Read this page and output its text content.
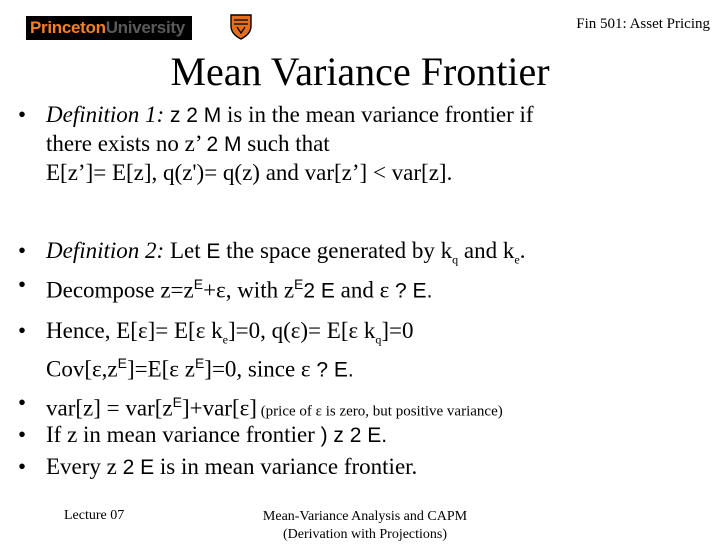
Princeton University	Fin 501: Asset Pricing
Mean Variance Frontier
• Definition 1: z 2 M is in the mean variance frontier if
there exists no z’ 2 M such that
E[z’]= E[z], q(z')= q(z) and var[z’] < var[z].
• Definition 2: Let E the space generated by $k_q$ and $k_e$.
• Decompose $z=z^E+\varepsilon$, with $z^E2$ E and ε ? E.
• Hence, E[ε]= E[ε $k_e]=0$, q(ε)= E[ε $k_q]=0$
$Cov[\varepsilon,z^E]=E[\varepsilon$ $z^E]=0$, since ε ? E.
• $var[z] = var[z^E]+var[\varepsilon]$ (price of ε is zero, but positive variance)
• If z in mean variance frontier ) z 2 E.
• Every z 2 E is in mean variance frontier.
Lecture 07	Mean-Variance Analysis and CAPM
(Derivation with Projections)
